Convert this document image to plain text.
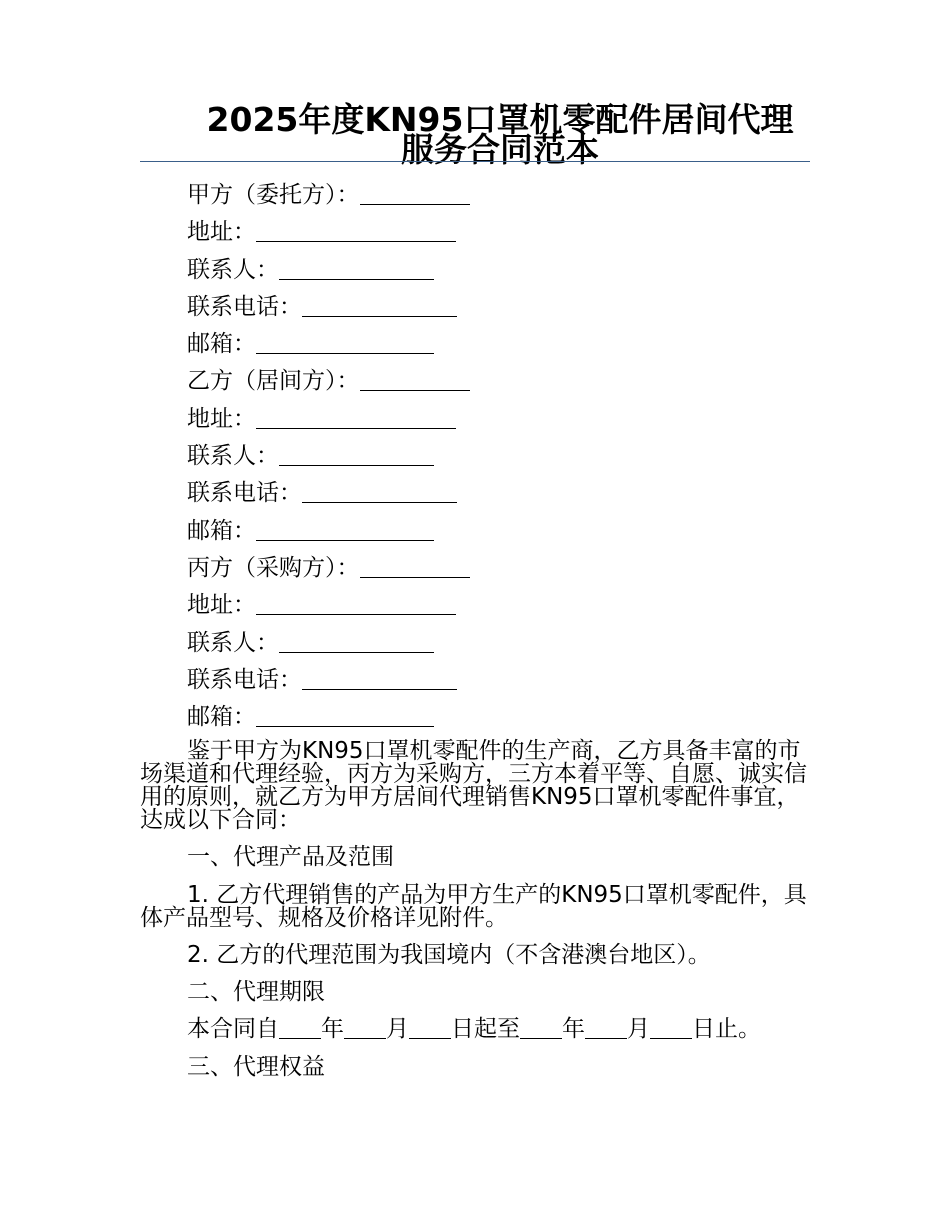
2025年度KN95口罩机零配件居间代理
服务合同范本
甲方（委托方）：
地址：
联系人：
联系电话：
邮箱：
乙方（居间方）：
地址：
联系人：
联系电话：
邮箱：
丙方（采购方）：
地址：
联系人：
联系电话：
邮箱：
鉴于甲方为KN95口罩机零配件的生产商，乙方具备丰富的市场渠道和代理经验，丙方为采购方，三方本着平等、自愿、诚实信用的原则，就乙方为甲方居间代理销售KN95口罩机零配件事宜，达成以下合同：
一、代理产品及范围
1. 乙方代理销售的产品为甲方生产的KN95口罩机零配件，具体产品型号、规格及价格详见附件。
2. 乙方的代理范围为我国境内（不含港澳台地区）。
二、代理期限
本合同自 年 月 日起至 年 月 日止。
三、代理权益
